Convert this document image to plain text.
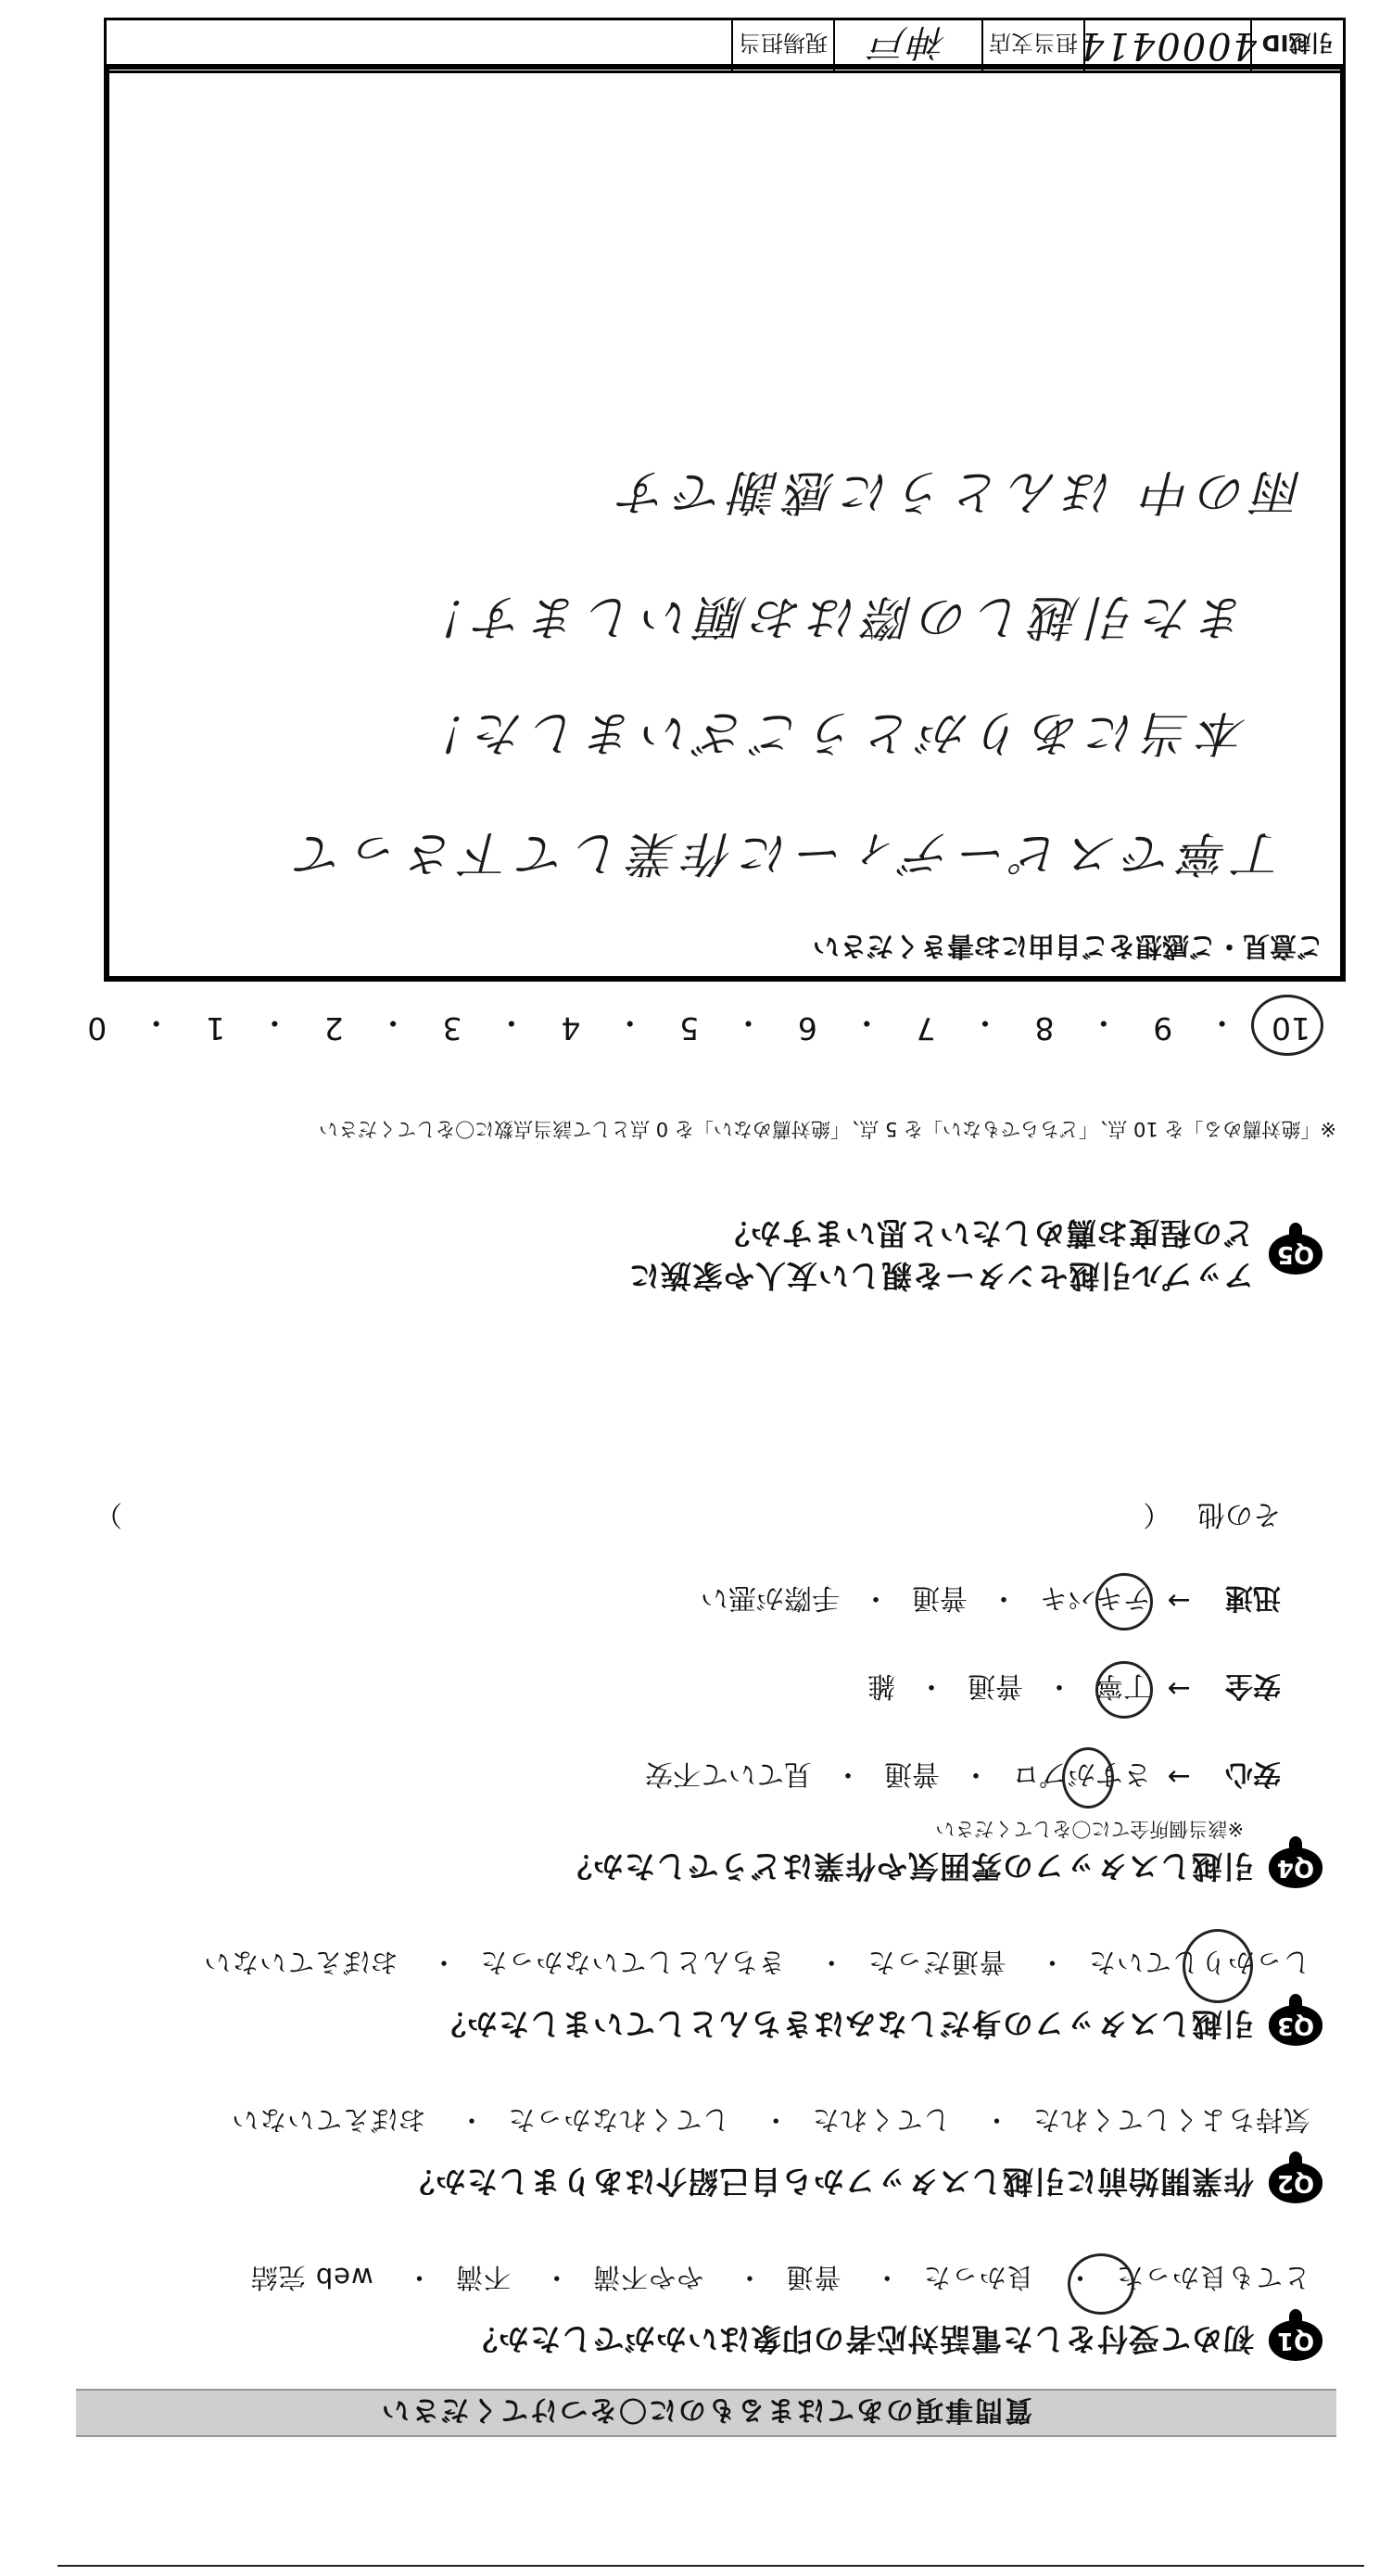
質問事項のあてはまるものに〇をつけてください
Q1
初めて受付をした電話対応者の印象はいかがでしたか？
とても良かった・ 良かった・ 普通・ やや不満・ 不満・ web 完結
Q2
作業開始前に引越しスタッフから自己紹介はありましたか？
気持ちよくしてくれた・ してくれた・ してくれなかった・ おぼえていない
Q3
引越しスタッフの身だしなみはきちんとしていましたか？
しっかりしていた・ 普通だった・ きちんとしていなかった・ おぼえていない
Q4
引越しスタッフの雰囲気や作業はどうでしたか？
※該当個所全てに〇をしてください
安心
→
さすがプロ
・
普通
・
見ていて不安
安全
→
丁寧
・
普通
・
雑
迅速
→
テキパキ
・
普通
・
手際が悪い
その他   （
）
Q5
アップル引越センターを親しい友人や家族に
どの程度お薦めしたいと思いますか？
※「絶対薦める」を 10 点、「どちらでもない」を 5 点、「絶対薦めない」を 0 点として該当点数に〇をしてください
10
・
9
・
8
・
7
・
6
・
5
・
4
・
3
・
2
・
1
・
0
ご意見・ご感想をご自由にお書きください
丁寧でスピーディーに作業して下さって
本当にありがとうございました！
また引越しの際はお願いします！
雨の中 ほんとうに感謝です
引越ID
4000414
担当支店
神戸
現場担当
